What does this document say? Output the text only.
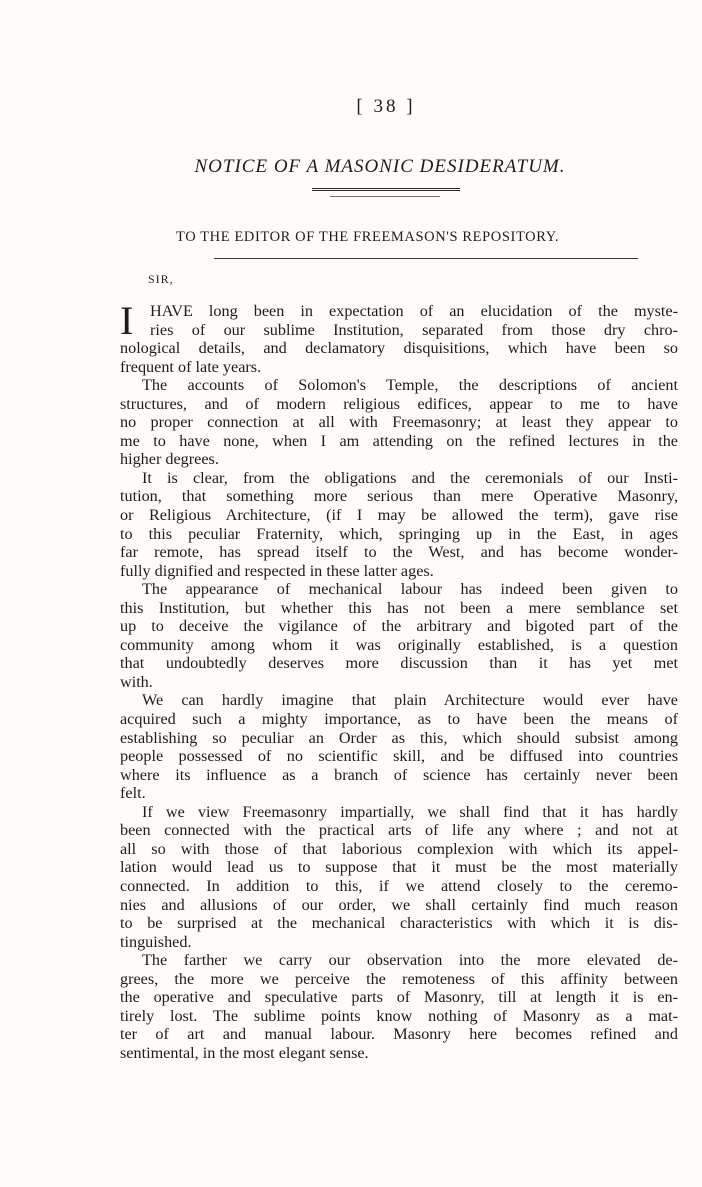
[ 38 ]
NOTICE OF A MASONIC DESIDERATUM.
TO THE EDITOR OF THE FREEMASON'S REPOSITORY.
SIR,
I	HAVE long been in expectation of an elucidation of the myste-
ries of our sublime Institution, separated from those dry chro-
nological details, and declamatory disquisitions, which have been so
frequent of late years.
The accounts of Solomon's Temple, the descriptions of ancient
structures, and of modern religious edifices, appear to me to have
no proper connection at all with Freemasonry; at least they appear to
me to have none, when I am attending on the refined lectures in the
higher degrees.
It is clear, from the obligations and the ceremonials of our Insti-
tution, that something more serious than mere Operative Masonry,
or Religious Architecture, (if I may be allowed the term), gave rise
to this peculiar Fraternity, which, springing up in the East, in ages
far remote, has spread itself to the West, and has become wonder-
fully dignified and respected in these latter ages.
The appearance of mechanical labour has indeed been given to
this Institution, but whether this has not been a mere semblance set
up to deceive the vigilance of the arbitrary and bigoted part of the
community among whom it was originally established, is a question
that undoubtedly deserves more discussion than it has yet met
with.
We can hardly imagine that plain Architecture would ever have
acquired such a mighty importance, as to have been the means of
establishing so peculiar an Order as this, which should subsist among
people possessed of no scientific skill, and be diffused into countries
where its influence as a branch of science has certainly never been
felt.
If we view Freemasonry impartially, we shall find that it has hardly
been connected with the practical arts of life any where ; and not at
all so with those of that laborious complexion with which its appel-
lation would lead us to suppose that it must be the most materially
connected. In addition to this, if we attend closely to the ceremo-
nies and allusions of our order, we shall certainly find much reason
to be surprised at the mechanical characteristics with which it is dis-
tinguished.
The farther we carry our observation into the more elevated de-
grees, the more we perceive the remoteness of this affinity between
the operative and speculative parts of Masonry, till at length it is en-
tirely lost. The sublime points know nothing of Masonry as a mat-
ter of art and manual labour. Masonry here becomes refined and
sentimental, in the most elegant sense.
